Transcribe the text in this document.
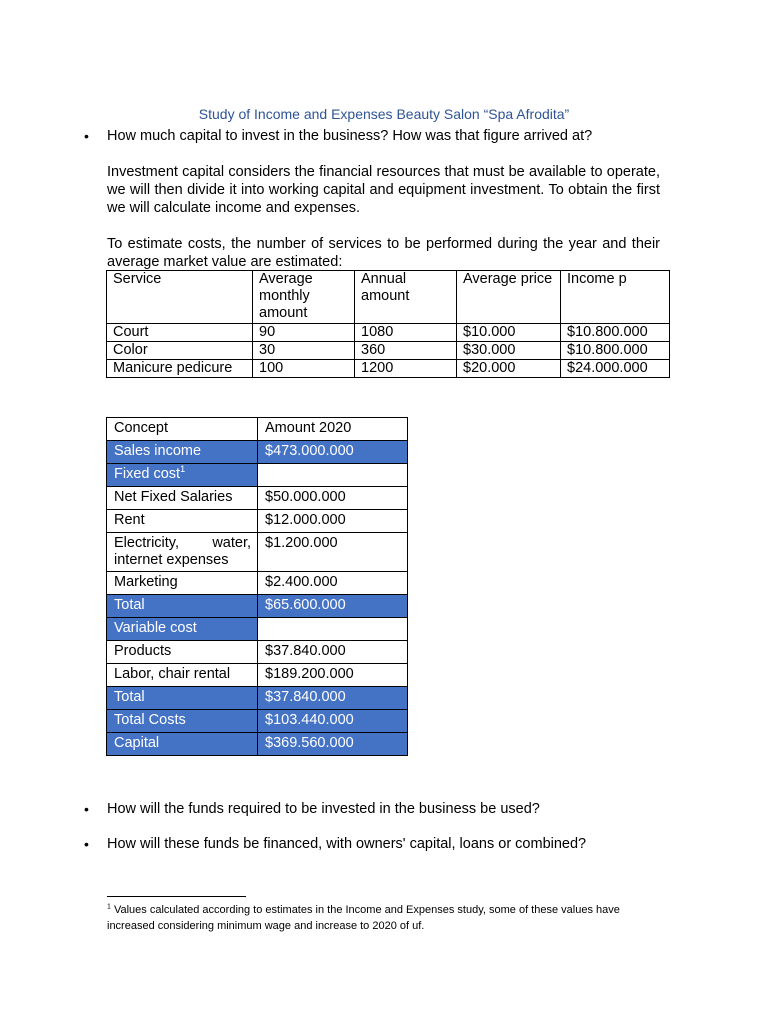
Study of Income and Expenses Beauty Salon “Spa Afrodita”
• How much capital to invest in the business? How was that figure arrived at?
Investment capital considers the financial resources that must be available to operate, we will then divide it into working capital and equipment investment. To obtain the first we will calculate income and expenses.
To estimate costs, the number of services to be performed during the year and their average market value are estimated:
Service	Average monthly amount	Annual amount	Average price	Income p
Court	90	1080	$10.000	$10.800.000
Color	30	360	$30.000	$10.800.000
Manicure pedicure	100	1200	$20.000	$24.000.000
Concept	Amount 2020
Sales income	$473.000.000
Fixed cost$^1$	
Net Fixed Salaries	$50.000.000
Rent	$12.000.000
Electricity, water, internet expenses	$1.200.000
Marketing	$2.400.000
Total	$65.600.000
Variable cost	
Products	$37.840.000
Labor, chair rental	$189.200.000
Total	$37.840.000
Total Costs	$103.440.000
Capital	$369.560.000
• How will the funds required to be invested in the business be used?
• How will these funds be financed, with owners' capital, loans or combined?
$^1$ Values calculated according to estimates in the Income and Expenses study, some of these values have increased considering minimum wage and increase to 2020 of uf.
